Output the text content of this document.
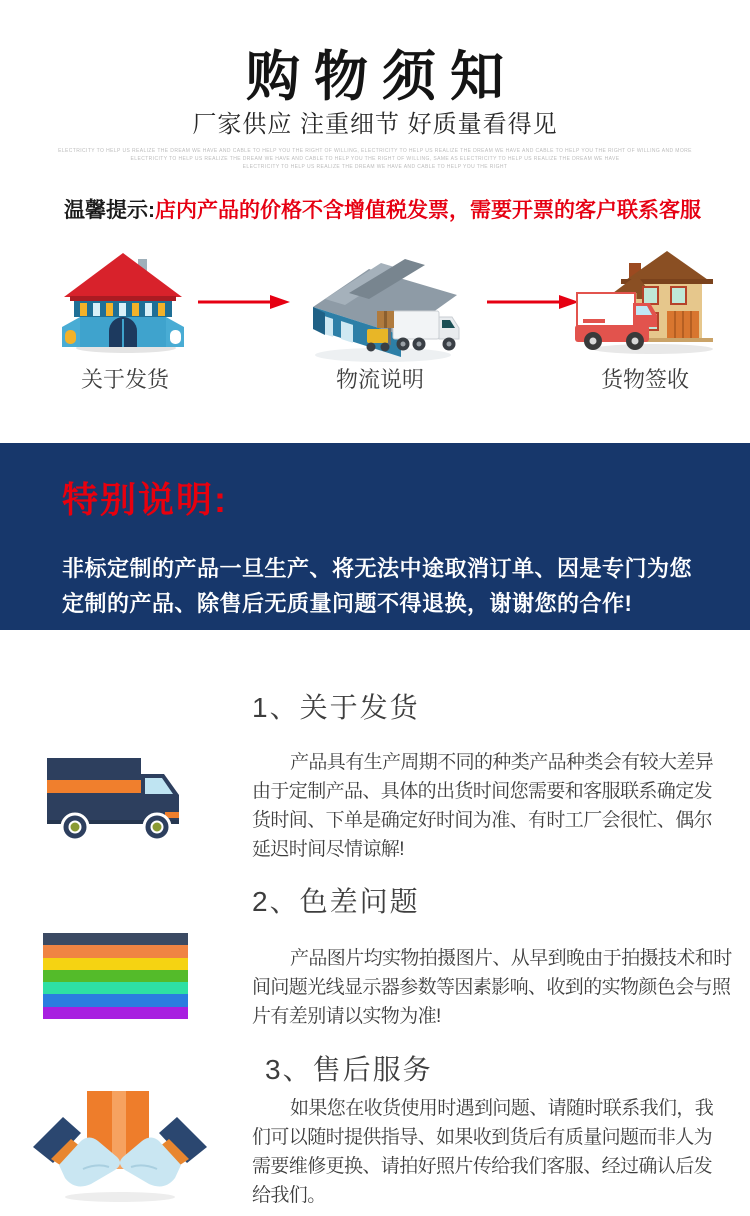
购物须知
厂家供应 注重细节 好质量看得见
ELECTRICITY TO HELP US REALIZE THE DREAM WE HAVE AND CABLE TO HELP YOU THE RIGHT OF WILLING, ELECTRICITY TO HELP US REALIZE THE DREAM WE HAVE AND CABLE TO HELP YOU THE RIGHT OF WILLING AND MORE
ELECTRICITY TO HELP US REALIZE THE DREAM WE HAVE AND CABLE TO HELP YOU THE RIGHT OF WILLING, SAME AS ELECTRICITY TO HELP US REALIZE THE DREAM WE HAVE
ELECTRICITY TO HELP US REALIZE THE DREAM WE HAVE AND CABLE TO HELP YOU THE RIGHT
温馨提示:店内产品的价格不含增值税发票，需要开票的客户联系客服
关于发货	物流说明	货物签收
特别说明:
非标定制的产品一旦生产、将无法中途取消订单、因是专门为您
定制的产品、除售后无质量问题不得退换，谢谢您的合作!
1、关于发货
产品具有生产周期不同的种类产品种类会有较大差异
由于定制产品、具体的出货时间您需要和客服联系确定发
货时间、下单是确定好时间为准、有时工厂会很忙、偶尔
延迟时间尽情谅解!
2、色差问题
产品图片均实物拍摄图片、从早到晚由于拍摄技术和时
间问题光线显示器参数等因素影响、收到的实物颜色会与照
片有差别请以实物为准!
3、售后服务
如果您在收货使用时遇到问题、请随时联系我们，我
们可以随时提供指导、如果收到货后有质量问题而非人为
需要维修更换、请拍好照片传给我们客服、经过确认后发
给我们。
